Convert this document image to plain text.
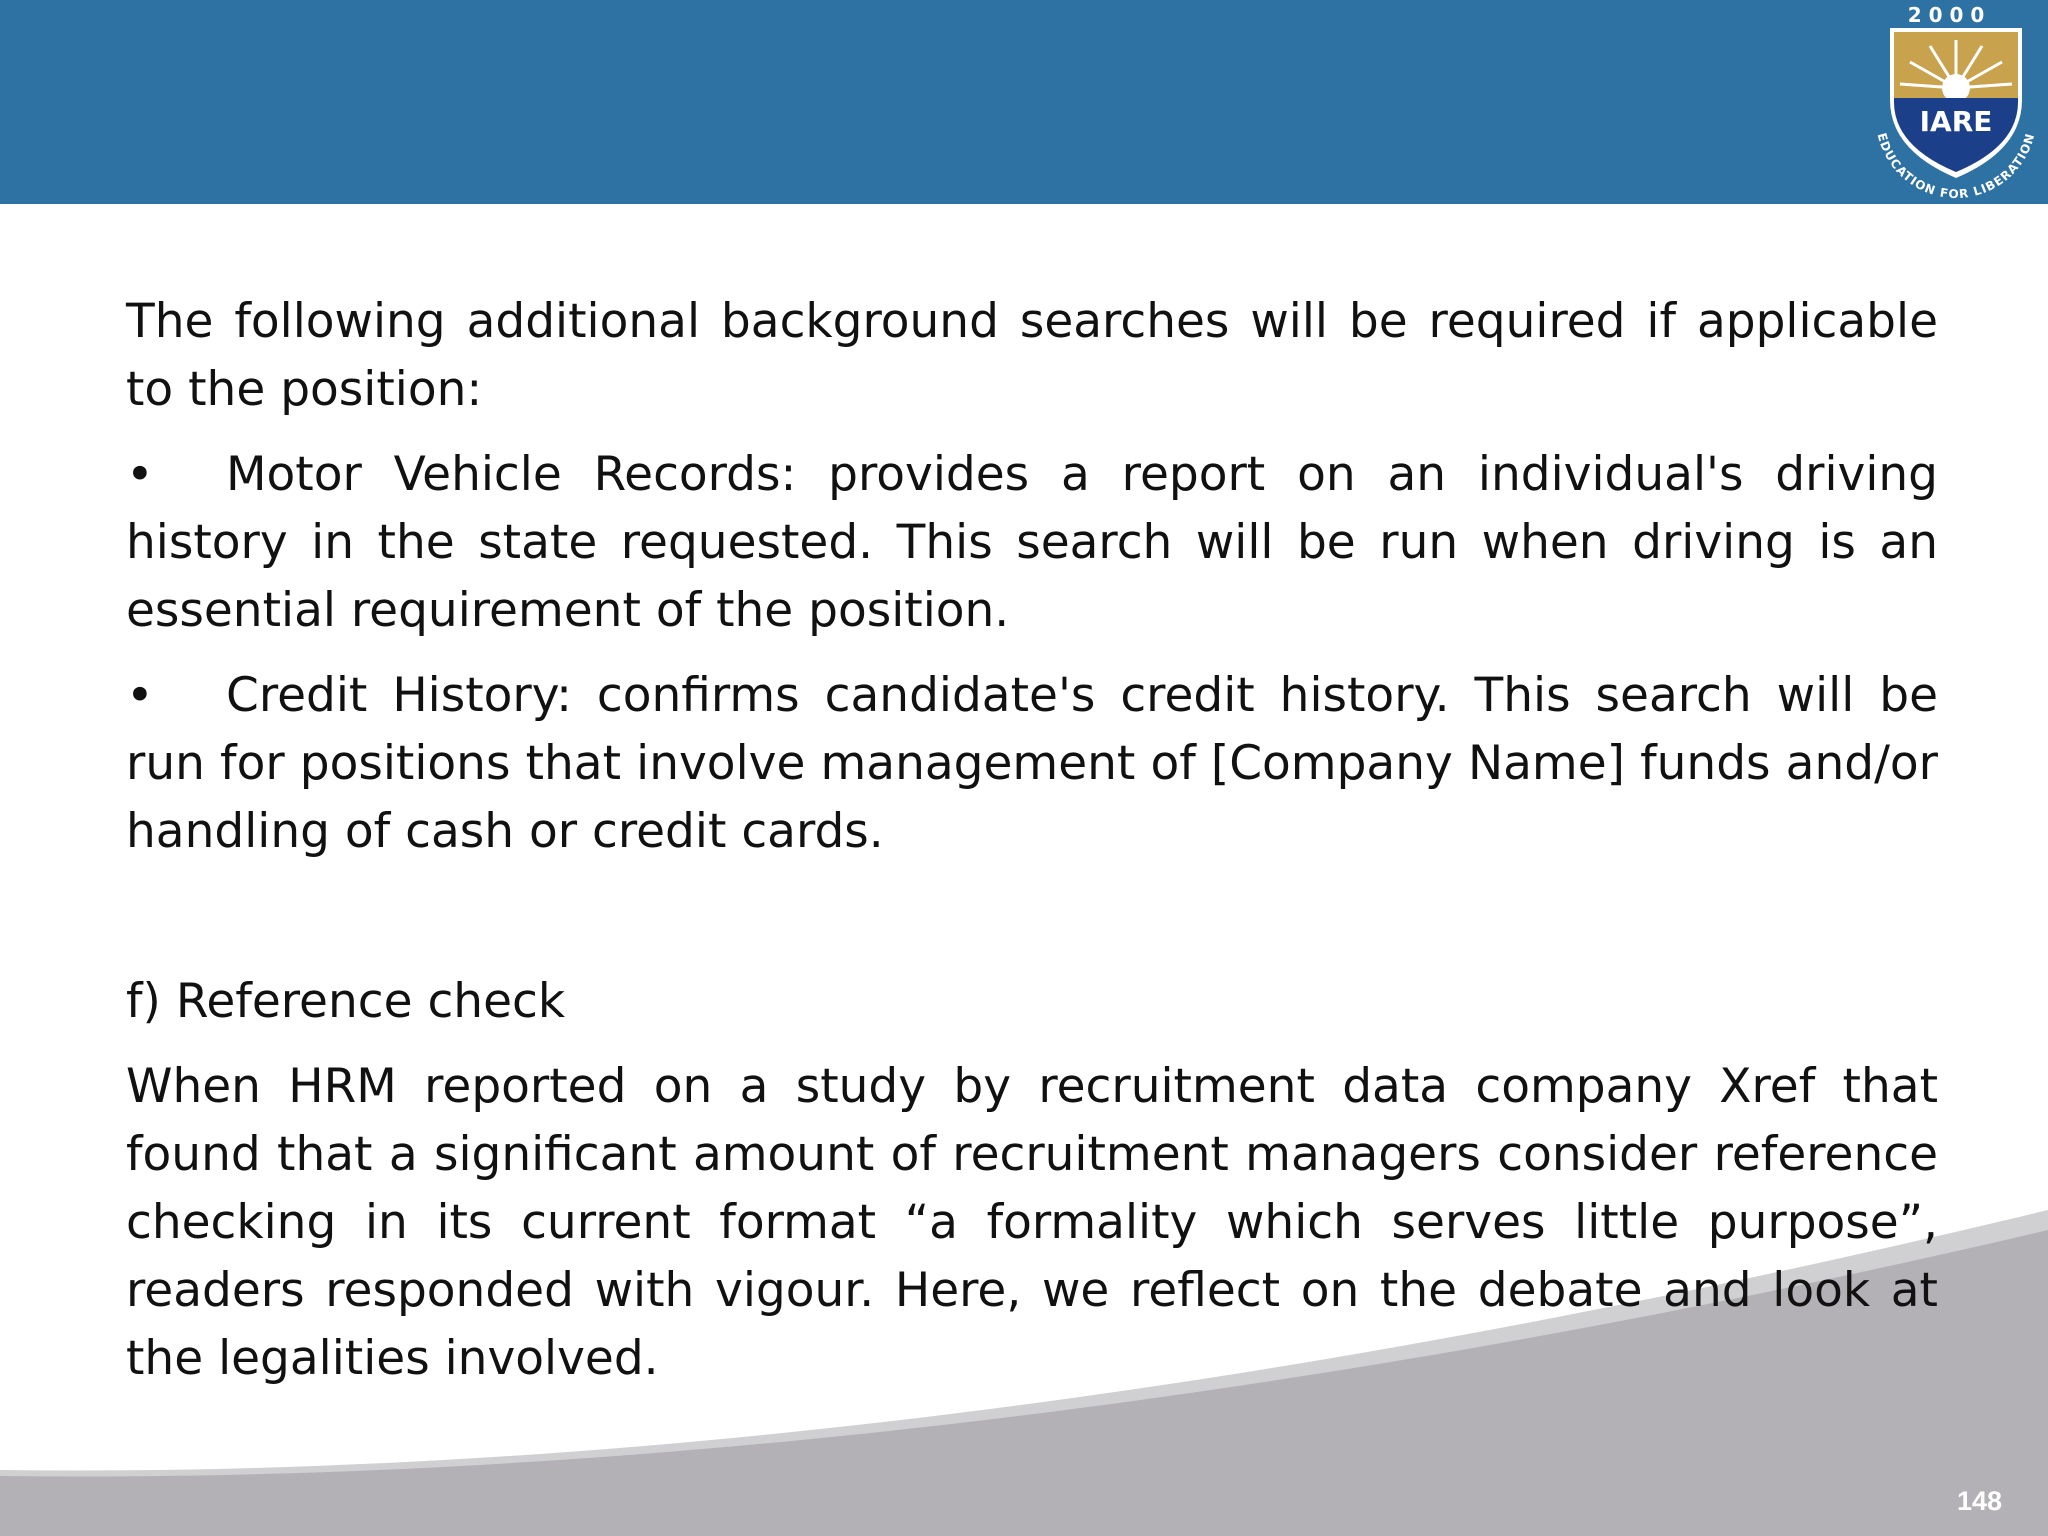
2 0 0 0
IARE
EDUCATION FOR LIBERATION

The following additional background searches will be required if applicable to the position:

• Motor Vehicle Records: provides a report on an individual's driving history in the state requested. This search will be run when driving is an essential requirement of the position.

• Credit History: confirms candidate's credit history. This search will be run for positions that involve management of [Company Name] funds and/or handling of cash or credit cards.

f) Reference check

When HRM reported on a study by recruitment data company Xref that found that a significant amount of recruitment managers consider reference checking in its current format “a formality which serves little purpose”, readers responded with vigour. Here, we reflect on the debate and look at the legalities involved.

148
